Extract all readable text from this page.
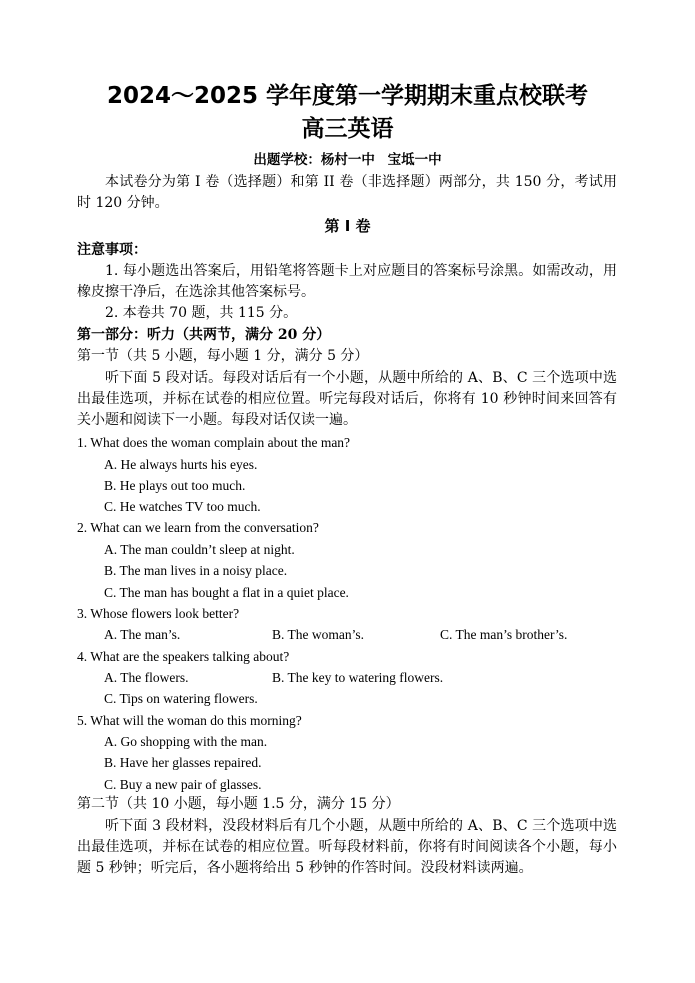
2024～2025 学年度第一学期期末重点校联考
高三英语
出题学校：杨村一中 宝坻一中

本试卷分为第 I 卷（选择题）和第 II 卷（非选择题）两部分，共 150 分，考试用时 120 分钟。

第 I 卷
注意事项：

1. 每小题选出答案后，用铅笔将答题卡上对应题目的答案标号涂黑。如需改动，用橡皮擦干净后，在选涂其他答案标号。

2. 本卷共 70 题，共 115 分。
第一部分：听力（共两节，满分 20 分）
第一节（共 5 小题，每小题 1 分，满分 5 分）

听下面 5 段对话。每段对话后有一个小题，从题中所给的 A、B、C 三个选项中选出最佳选项，并标在试卷的相应位置。听完每段对话后，你将有 10 秒钟时间来回答有关小题和阅读下一小题。每段对话仅读一遍。

1. What does the woman complain about the man?
A. He always hurts his eyes.
B. He plays out too much.
C. He watches TV too much.
2. What can we learn from the conversation?
A. The man couldn’t sleep at night.
B. The man lives in a noisy place.
C. The man has bought a flat in a quiet place.
3. Whose flowers look better?
A. The man’s.	B. The woman’s.	C. The man’s brother’s.
4. What are the speakers talking about?
A. The flowers.	B. The key to watering flowers.
C. Tips on watering flowers.
5. What will the woman do this morning?
A. Go shopping with the man.
B. Have her glasses repaired.
C. Buy a new pair of glasses.
第二节（共 10 小题，每小题 1.5 分，满分 15 分）

听下面 3 段材料，没段材料后有几个小题，从题中所给的 A、B、C 三个选项中选出最佳选项，并标在试卷的相应位置。听每段材料前，你将有时间阅读各个小题，每小题 5 秒钟；听完后，各小题将给出 5 秒钟的作答时间。没段材料读两遍。
